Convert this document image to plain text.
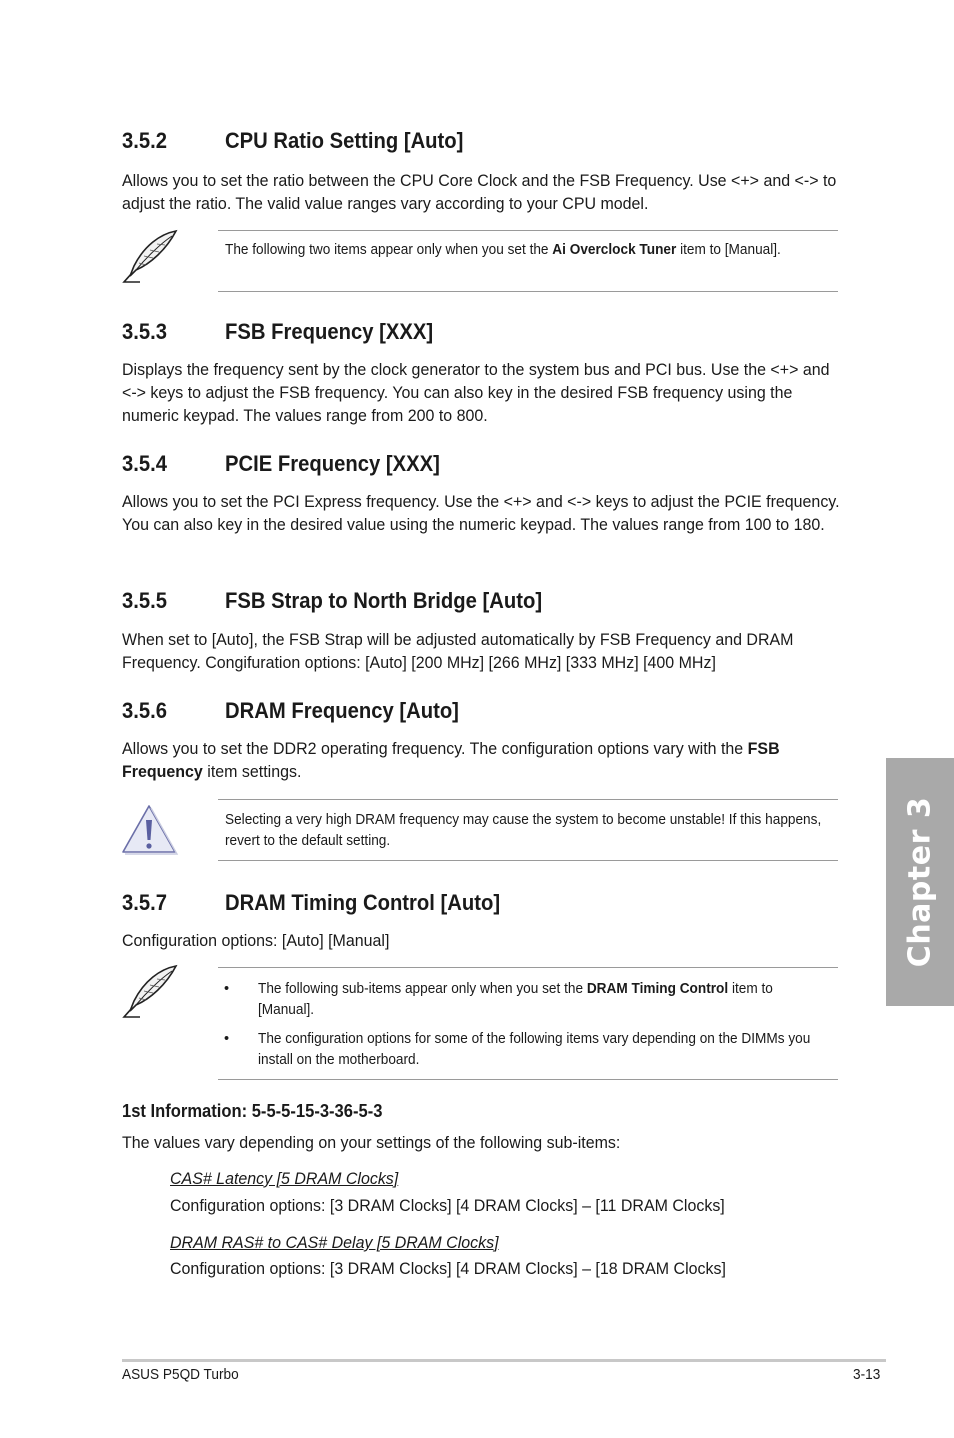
3.5.2	CPU Ratio Setting [Auto]
Allows you to set the ratio between the CPU Core Clock and the FSB Frequency. Use <+> and <-> to adjust the ratio. The valid value ranges vary according to your CPU model.
The following two items appear only when you set the Ai Overclock Tuner item to [Manual].
3.5.3	FSB Frequency [XXX]
Displays the frequency sent by the clock generator to the system bus and PCI bus. Use the <+> and <-> keys to adjust the FSB frequency. You can also key in the desired FSB frequency using the numeric keypad. The values range from 200 to 800.
3.5.4	PCIE Frequency [XXX]
Allows you to set the PCI Express frequency. Use the <+> and <-> keys to adjust the PCIE frequency. You can also key in the desired value using the numeric keypad. The values range from 100 to 180.
3.5.5	FSB Strap to North Bridge [Auto]
When set to [Auto], the FSB Strap will be adjusted automatically by FSB Frequency and DRAM Frequency. Congifuration options: [Auto] [200 MHz] [266 MHz] [333 MHz] [400 MHz]
3.5.6	DRAM Frequency [Auto]
Allows you to set the DDR2 operating frequency. The configuration options vary with the FSB Frequency item settings.
Selecting a very high DRAM frequency may cause the system to become unstable! If this happens, revert to the default setting.
3.5.7	DRAM Timing Control [Auto]
Configuration options: [Auto] [Manual]
• The following sub-items appear only when you set the DRAM Timing Control item to [Manual].
• The configuration options for some of the following items vary depending on the DIMMs you install on the motherboard.
1st Information: 5-5-5-15-3-36-5-3
The values vary depending on your settings of the following sub-items:
CAS# Latency [5 DRAM Clocks]
Configuration options: [3 DRAM Clocks] [4 DRAM Clocks] – [11 DRAM Clocks]
DRAM RAS# to CAS# Delay [5 DRAM Clocks]
Configuration options: [3 DRAM Clocks] [4 DRAM Clocks] – [18 DRAM Clocks]
Chapter 3
ASUS P5QD Turbo	3-13
